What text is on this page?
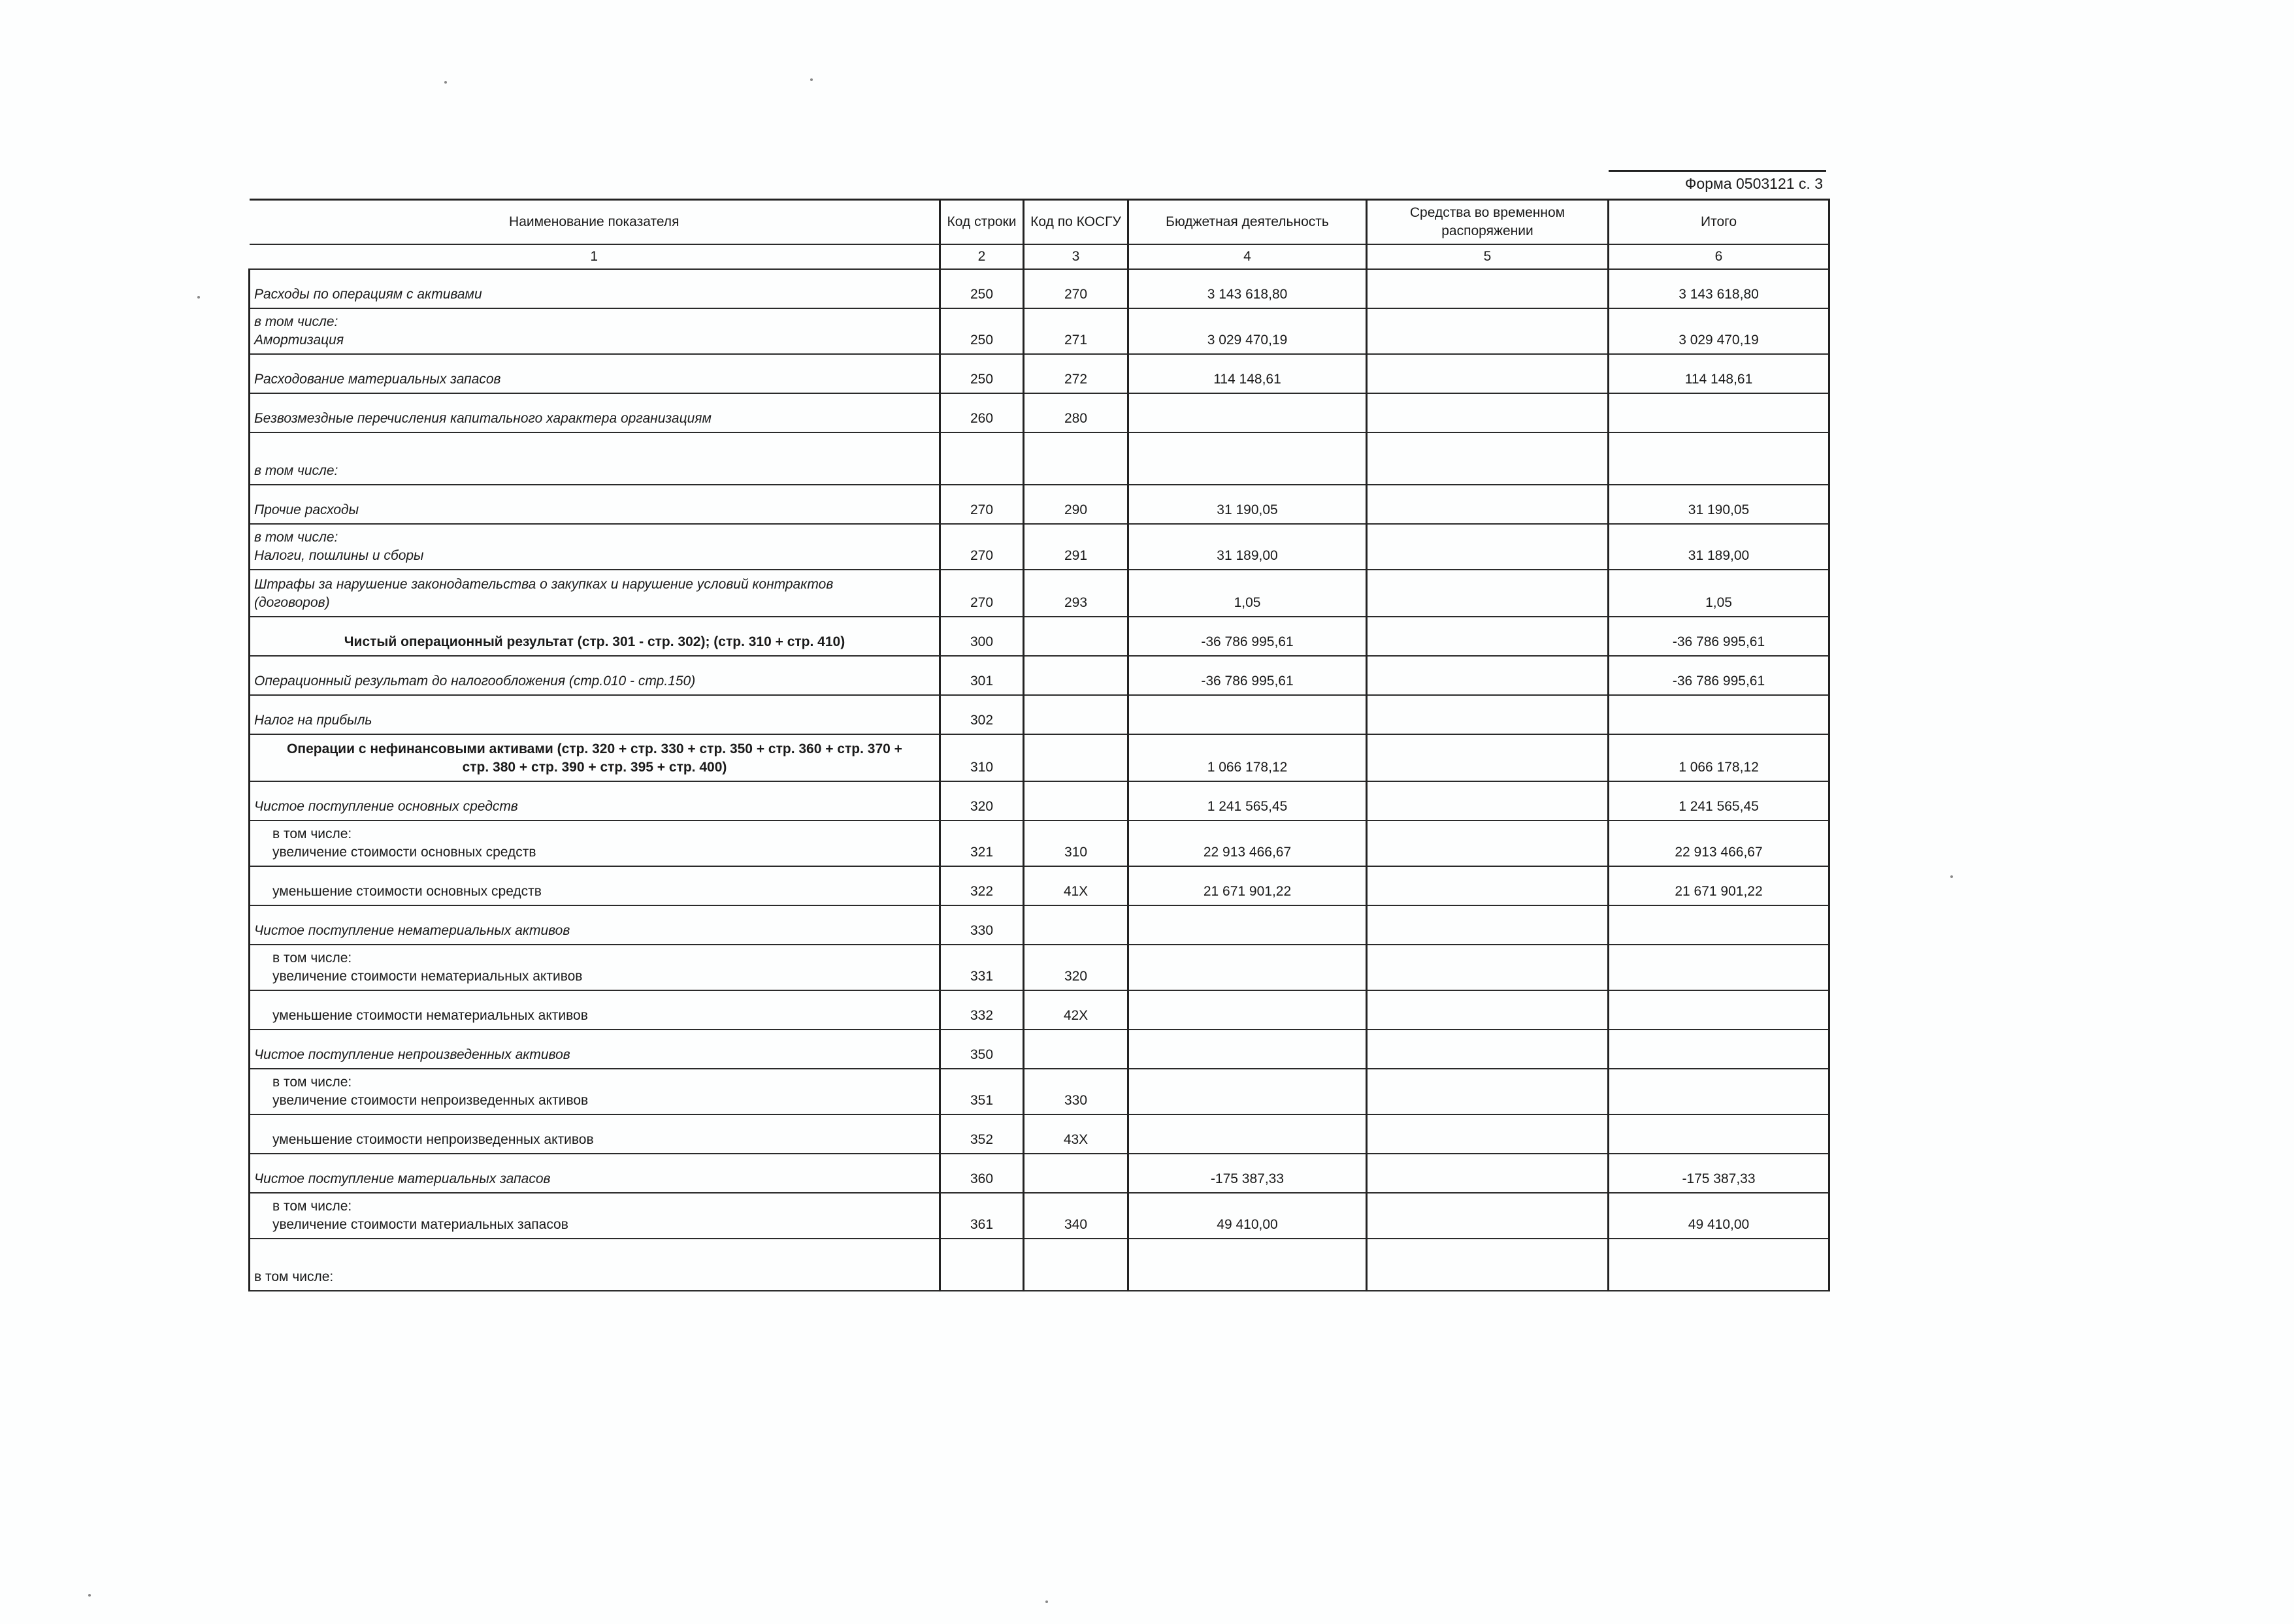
Форма 0503121 с. 3
Наименование показателя	Код строки	Код по КОСГУ	Бюджетная деятельность	Средства во временном распоряжении	Итого
1	2	3	4	5	6

Расходы по операциям с активами	250	270	3 143 618,80		3 143 618,80

в том числе:
Амортизация	250	271	3 029 470,19		3 029 470,19

Расходование материальных запасов	250	272	114 148,61		114 148,61

Безвозмездные перечисления капитального характера организациям	260	280			

в том числе:					

Прочие расходы	270	290	31 190,05		31 190,05

в том числе:
Налоги, пошлины и сборы	270	291	31 189,00		31 189,00

Штрафы за нарушение законодательства о закупках и нарушение условий контрактов
(договоров)	270	293	1,05		1,05

Чистый операционный результат (стр. 301 - стр. 302); (стр. 310 + стр. 410)	300		-36 786 995,61		-36 786 995,61

Операционный результат до налогообложения (стр.010 - стр.150)	301		-36 786 995,61		-36 786 995,61

Налог на прибыль	302				

Операции с нефинансовыми активами (стр. 320 + стр. 330 + стр. 350 + стр. 360 + стр. 370 +
стр. 380 + стр. 390 + стр. 395 + стр. 400)	310		1 066 178,12		1 066 178,12

Чистое поступление основных средств	320		1 241 565,45		1 241 565,45

в том числе:
увеличение стоимости основных средств	321	310	22 913 466,67		22 913 466,67

уменьшение стоимости основных средств	322	41Х	21 671 901,22		21 671 901,22

Чистое поступление нематериальных активов	330				

в том числе:
увеличение стоимости нематериальных активов	331	320			

уменьшение стоимости нематериальных активов	332	42Х			

Чистое поступление непроизведенных активов	350				

в том числе:
увеличение стоимости непроизведенных активов	351	330			

уменьшение стоимости непроизведенных активов	352	43Х			

Чистое поступление материальных запасов	360		-175 387,33		-175 387,33

в том числе:
увеличение стоимости материальных запасов	361	340	49 410,00		49 410,00

в том числе:					
